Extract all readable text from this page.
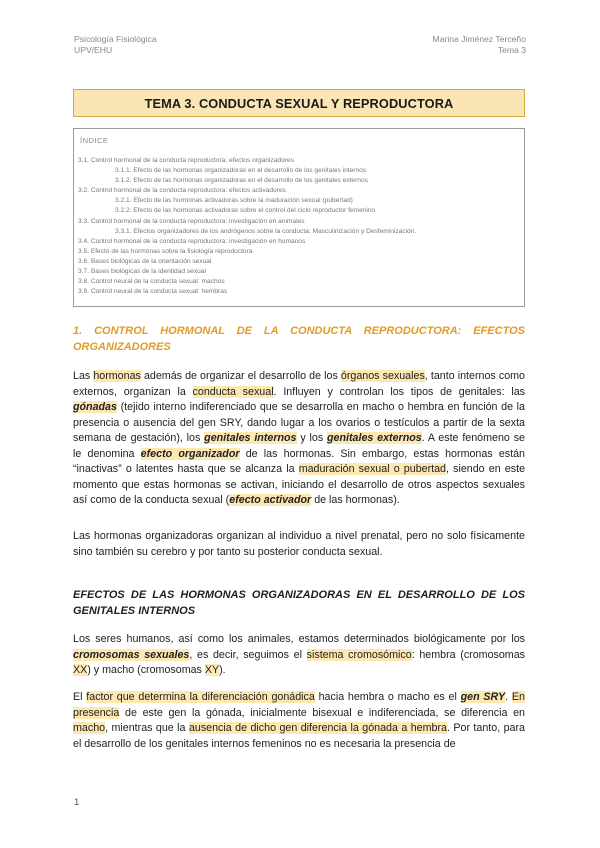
Psicología Fisiológica
UPV/EHU
Marina Jiménez Terceño
Tema 3
TEMA 3. CONDUCTA SEXUAL Y REPRODUCTORA
ÍNDICE
3.1. Control hormonal de la conducta reproductora: efectos organizadores
3.1.1. Efecto de las hormonas organizadoras en el desarrollo de los genitales internos
3.1.2. Efecto de las hormonas organizadoras en el desarrollo de los genitales externos
3.2. Control hormonal de la conducta reproductora: efectos activadores
3.2.1. Efecto de las hormonas activadoras sobre la maduración sexual (pubertad)
3.2.2. Efecto de las hormonas activadoras sobre el control del ciclo reproductor femenino
3.3. Control hormonal de la conducta reproductora: investigación en animales
3.3.1. Efectos organizadores de los andrógenos sobre la conducta: Masculinización y Desfeminización.
3.4. Control hormonal de la conducta reproductora: investigación en humanos
3.5. Efecto de las hormonas sobre la fisiología reproductora
3.6. Bases biológicas de la orientación sexual
3.7. Bases biológicas de la identidad sexual
3.8. Control neural de la conducta sexual: machos
3.9. Control neural de la conducta sexual: hembras
1. CONTROL HORMONAL DE LA CONDUCTA REPRODUCTORA: EFECTOS ORGANIZADORES
Las hormonas además de organizar el desarrollo de los órganos sexuales, tanto internos como externos, organizan la conducta sexual. Influyen y controlan los tipos de genitales: las gónadas (tejido interno indiferenciado que se desarrolla en macho o hembra en función de la presencia o ausencia del gen SRY, dando lugar a los ovarios o testículos a partir de la sexta semana de gestación), los genitales internos y los genitales externos. A este fenómeno se le denomina efecto organizador de las hormonas. Sin embargo, estas hormonas están “inactivas” o latentes hasta que se alcanza la maduración sexual o pubertad, siendo en este momento que estas hormonas se activan, iniciando el desarrollo de otros aspectos sexuales así como de la conducta sexual (efecto activador de las hormonas).
Las hormonas organizadoras organizan al individuo a nivel prenatal, pero no solo físicamente sino también su cerebro y por tanto su posterior conducta sexual.
EFECTOS DE LAS HORMONAS ORGANIZADORAS EN EL DESARROLLO DE LOS GENITALES INTERNOS
Los seres humanos, así como los animales, estamos determinados biológicamente por los cromosomas sexuales, es decir, seguimos el sistema cromosómico: hembra (cromosomas XX) y macho (cromosomas XY).
El factor que determina la diferenciación gonádica hacia hembra o macho es el gen SRY. En presencia de este gen la gónada, inicialmente bisexual e indiferenciada, se diferencia en macho, mientras que la ausencia de dicho gen diferencia la gónada a hembra. Por tanto, para el desarrollo de los genitales internos femeninos no es necesaria la presencia de
1
